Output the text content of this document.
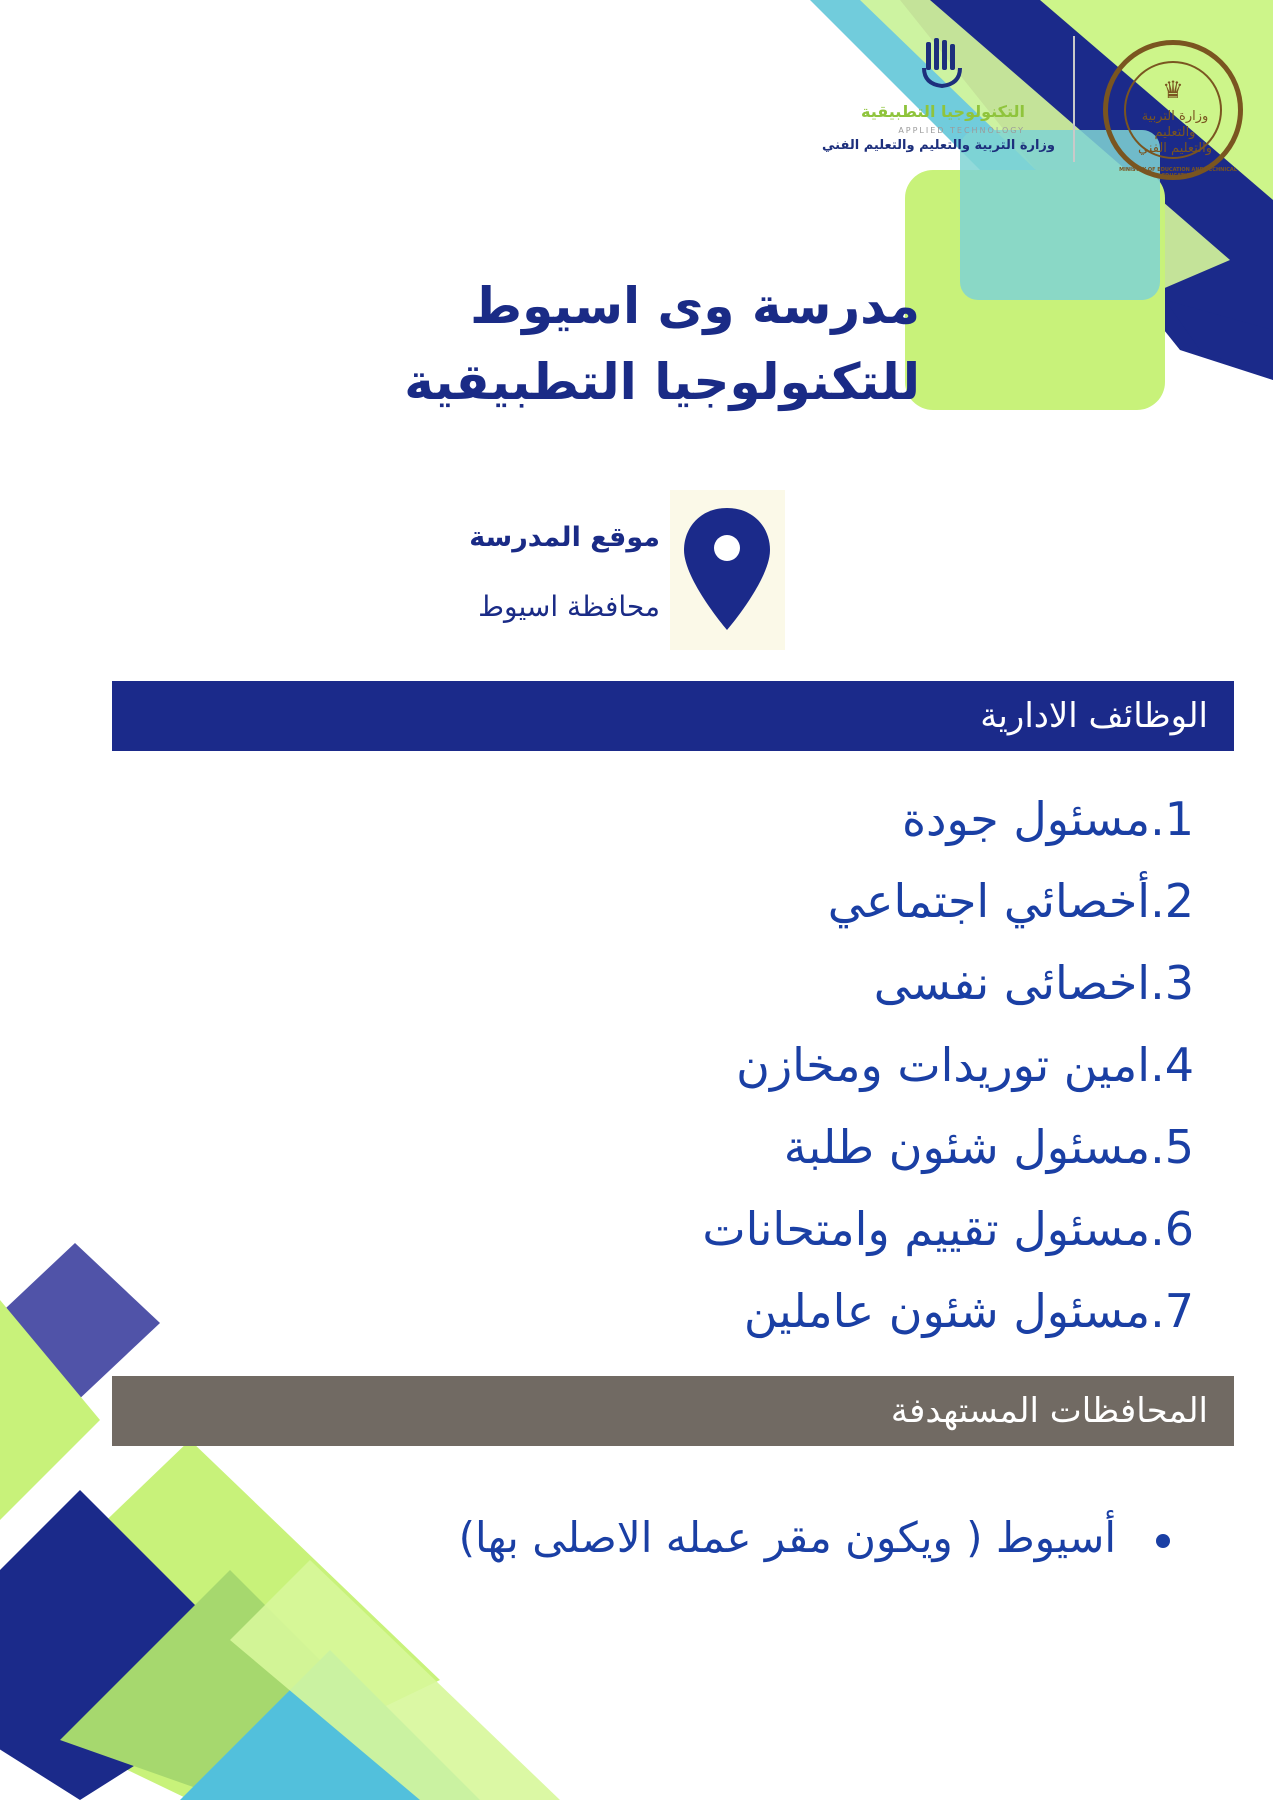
♛
وزارة التربية والتعليم والتعليم الفني
MINISTRY OF EDUCATION AND TECHNICAL EDUCATION
التكنولوجيا التطبيقية
APPLIED TECHNOLOGY
وزارة التربية والتعليم والتعليم الفني
مدرسة وى اسيوط
للتكنولوجيا التطبيقية
موقع المدرسة
محافظة اسيوط
الوظائف الادارية
1.مسئول جودة
2.أخصائي اجتماعي
3.اخصائى نفسى
4.امين توريدات ومخازن
5.مسئول شئون طلبة
6.مسئول تقييم وامتحانات
7.مسئول شئون عاملين
المحافظات المستهدفة
أسيوط ( ويكون مقر عمله الاصلى بها)
